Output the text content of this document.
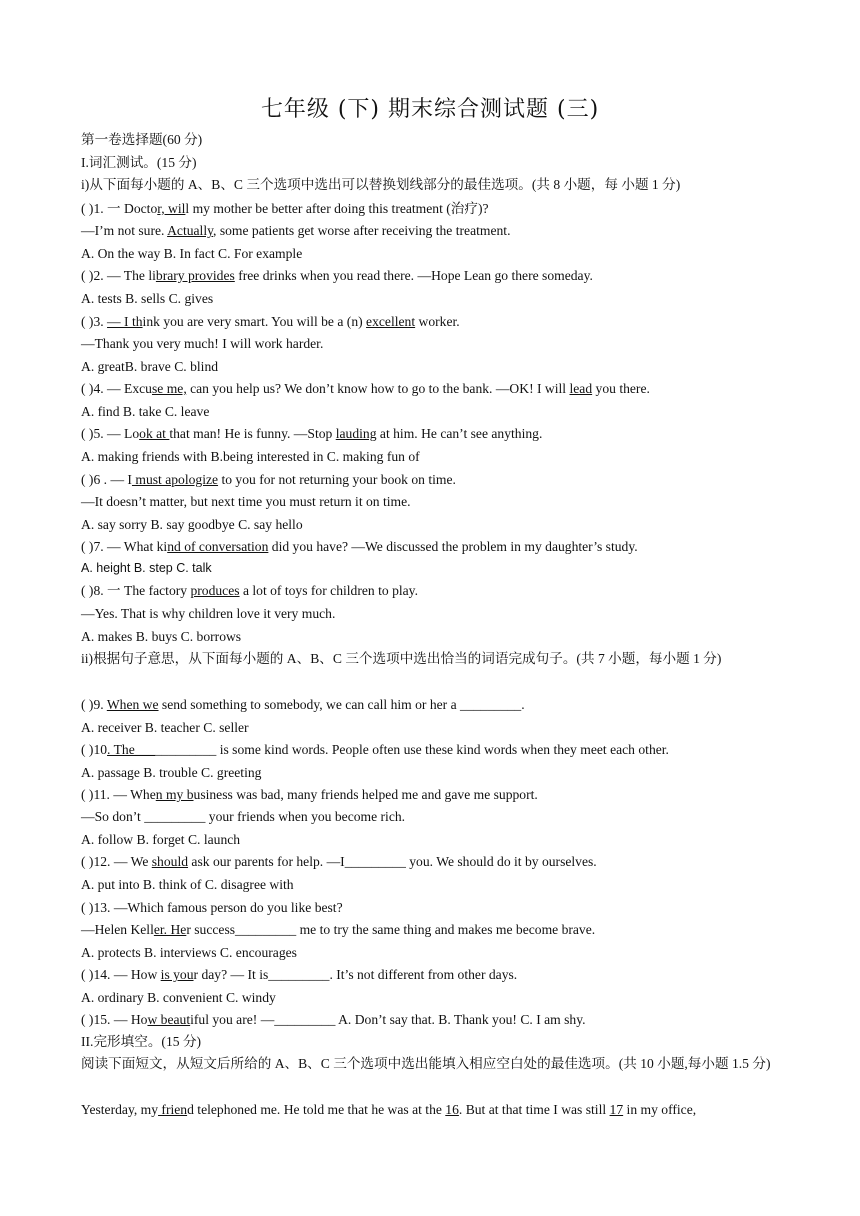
七年级 (下) 期末综合测试题 (三)
第一卷选择题(60 分)
I.词汇测试。(15 分)
i)从下面每小题的 A、B、C 三个选项中选出可以替换划线部分的最佳选项。(共 8 小题，每 小题 1 分)
( )1. 一 Doctor, will my mother be better after doing this treatment (治疗)?
—I’m not sure. Actually, some patients get worse after receiving the treatment.
A. On the way B. In fact C. For example
( )2. — The library provides free drinks when you read there. —Hope Lean go there someday.
A. tests B. sells C. gives
( )3. — I think you are very smart. You will be a (n) excellent worker.
—Thank you very much! I will work harder.
A. greatB. brave C. blind
( )4. — Excuse me, can you help us? We don’t know how to go to the bank. —OK! I will lead you there.
A. find B. take C. leave
( )5. — Look at that man! He is funny. —Stop lauding at him. He can’t see anything.
A. making friends with B.being interested in C. making fun of
( )6 . — I must apologize to you for not returning your book on time.
—It doesn’t matter, but next time you must return it on time.
A. say sorry B. say goodbye C. say hello
( )7. — What kind of conversation did you have? —We discussed the problem in my daughter’s study.
A. height B. step C. talk
( )8. 一 The factory produces a lot of toys for children to play.
—Yes. That is why children love it very much.
A. makes B. buys C. borrows
ii)根据句子意思，从下面每小题的 A、B、C 三个选项中选出恰当的词语完成句子。(共 7 小题，每小题 1 分)
( )9. When we send something to somebody, we can call him or her a _________.
A. receiver B. teacher C. seller
( )10. The____________ is some kind words. People often use these kind words when they meet each other.
A. passage B. trouble C. greeting
( )11. — When my business was bad, many friends helped me and gave me support.
—So don’t _________ your friends when you become rich.
A. follow B. forget C. launch
( )12. — We should ask our parents for help. —I_________ you. We should do it by ourselves.
A. put into B. think of C. disagree with
( )13. —Which famous person do you like best?
—Helen Keller. Her success_________ me to try the same thing and makes me become brave.
A. protects B. interviews C. encourages
( )14. — How is your day? — It is_________. It’s not different from other days.
A. ordinary B. convenient C. windy
( )15. — How beautiful you are! —_________ A. Don’t say that. B. Thank you! C. I am shy.
II.完形填空。(15 分)
阅读下面短文，从短文后所给的 A、B、C 三个选项中选出能填入相应空白处的最佳选项。(共 10 小题,每小题 1.5 分)
Yesterday, my friend telephoned me. He told me that he was at the 16. But at that time I was still 17 in my office,
